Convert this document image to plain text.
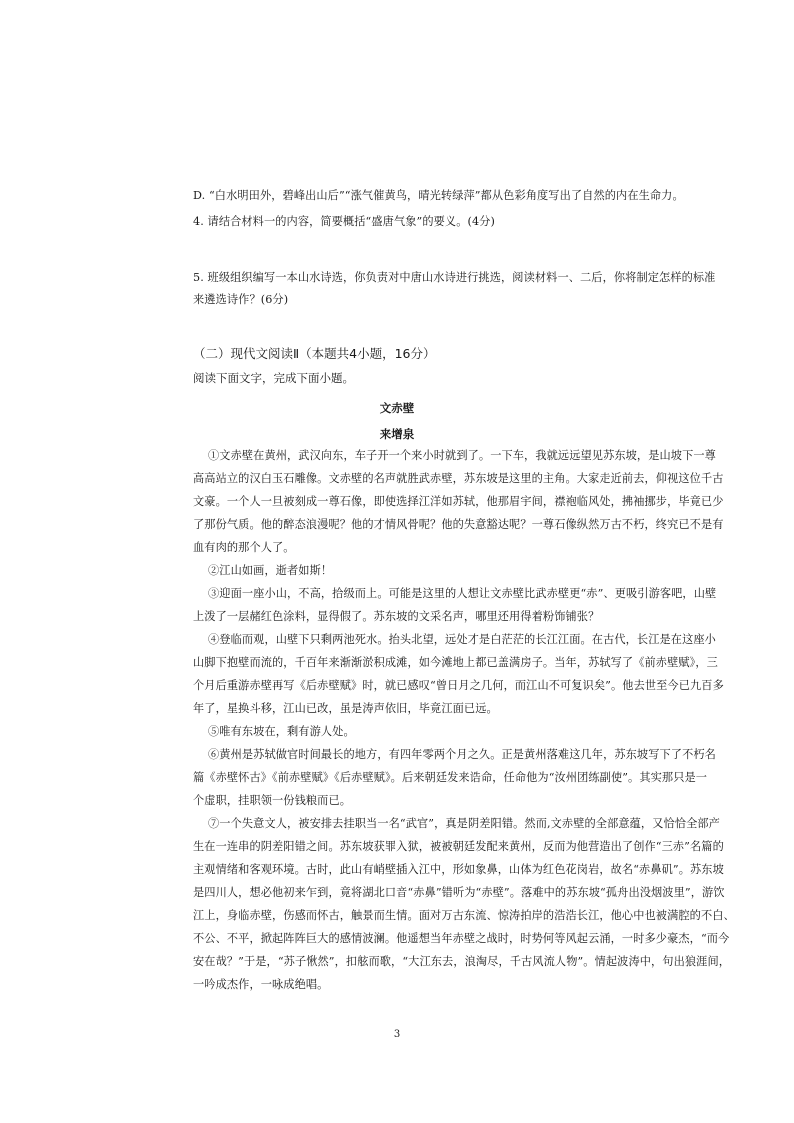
D. “白水明田外，碧峰出山后”“涨气催黄鸟，晴光转绿萍”都从色彩角度写出了自然的内在生命力。
4. 请结合材料一的内容，简要概括“盛唐气象”的要义。(4分)
5. 班级组织编写一本山水诗选，你负责对中唐山水诗进行挑选，阅读材料一、二后，你将制定怎样的标准
来遴选诗作？(6分)
（二）现代文阅读Ⅱ（本题共4小题，16分）
阅读下面文字，完成下面小题。
文赤壁
来增泉
①文赤壁在黄州，武汉向东，车子开一个来小时就到了。一下车，我就远远望见苏东坡，是山坡下一尊
高高站立的汉白玉石雕像。文赤壁的名声就胜武赤壁，苏东坡是这里的主角。大家走近前去，仰视这位千古
文豪。一个人一旦被刻成一尊石像，即使选择江洋如苏轼，他那眉宇间，襟袍临风处，拂袖挪步，毕竟已少
了那份气质。他的醉态浪漫呢？他的才情风骨呢？他的失意豁达呢？一尊石像纵然万古不朽，终究已不是有
血有肉的那个人了。
②江山如画，逝者如斯！
③迎面一座小山，不高，拾级而上。可能是这里的人想让文赤壁比武赤壁更“赤”、更吸引游客吧，山壁
上泼了一层赭红色涂料，显得假了。苏东坡的文采名声，哪里还用得着粉饰铺张？
④登临而观，山壁下只剩两池死水。抬头北望，远处才是白茫茫的长江江面。在古代，长江是在这座小
山脚下抱壁而流的，千百年来渐渐淤积成滩，如今滩地上都已盖满房子。当年，苏轼写了《前赤壁赋》，三
个月后重游赤壁再写《后赤壁赋》时，就已感叹“曾日月之几何，而江山不可复识矣”。他去世至今已九百多
年了，星换斗移，江山已改，虽是涛声依旧，毕竟江面已远。
⑤唯有东坡在，剩有游人处。
⑥黄州是苏轼做官时间最长的地方，有四年零两个月之久。正是黄州落难这几年，苏东坡写下了不朽名
篇《赤壁怀古》《前赤壁赋》《后赤壁赋》。后来朝廷发来诰命，任命他为“汝州团练副使”。其实那只是一
个虚职，挂职领一份钱粮而已。
⑦一个失意文人，被安排去挂职当一名“武官”，真是阴差阳错。然而,文赤壁的全部意蕴，又恰恰全部产
生在一连串的阴差阳错之间。苏东坡获罪入狱，被被朝廷发配来黄州，反而为他营造出了创作“三赤”名篇的
主观情绪和客观环境。古时，此山有峭壁插入江中，形如象鼻，山体为红色花岗岩，故名“赤鼻矶”。苏东坡
是四川人，想必他初来乍到，竟将湖北口音“赤鼻”错听为“赤壁”。落难中的苏东坡“孤舟出没烟波里”，游饮
江上，身临赤壁，伤感而怀古，触景而生情。面对万古东流、惊涛拍岸的浩浩长江，他心中也被满腔的不白、
不公、不平，掀起阵阵巨大的感情波澜。他遥想当年赤壁之战时，时势何等风起云涌，一时多少豪杰，“而今
安在哉？”于是，“苏子愀然”，扣舷而歌，“大江东去，浪淘尽，千古风流人物”。情起波涛中，句出狼涯间，
一吟成杰作，一咏成绝唱。
3
